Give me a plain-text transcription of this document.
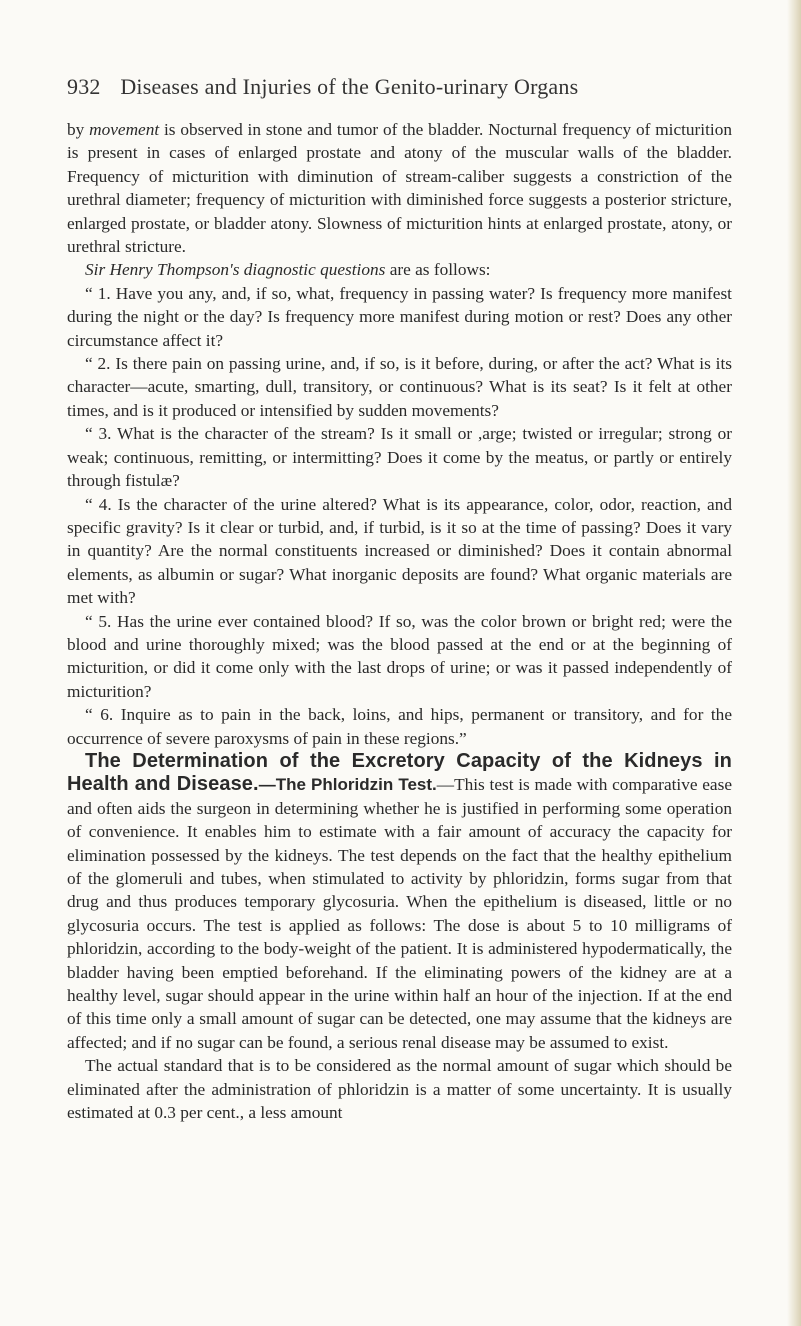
932 Diseases and Injuries of the Genito-urinary Organs

by movement is observed in stone and tumor of the bladder. Nocturnal frequency of micturition is present in cases of enlarged prostate and atony of the muscular walls of the bladder. Frequency of micturition with diminution of stream-caliber suggests a constriction of the urethral diameter; frequency of micturition with diminished force suggests a posterior stricture, enlarged prostate, or bladder atony. Slowness of micturition hints at enlarged prostate, atony, or urethral stricture.

Sir Henry Thompson's diagnostic questions are as follows:

“ 1. Have you any, and, if so, what, frequency in passing water? Is frequency more manifest during the night or the day? Is frequency more manifest during motion or rest? Does any other circumstance affect it?

“ 2. Is there pain on passing urine, and, if so, is it before, during, or after the act? What is its character—acute, smarting, dull, transitory, or continuous? What is its seat? Is it felt at other times, and is it produced or intensified by sudden movements?

“ 3. What is the character of the stream? Is it small or ,arge; twisted or irregular; strong or weak; continuous, remitting, or intermitting? Does it come by the meatus, or partly or entirely through fistulæ?

“ 4. Is the character of the urine altered? What is its appearance, color, odor, reaction, and specific gravity? Is it clear or turbid, and, if turbid, is it so at the time of passing? Does it vary in quantity? Are the normal constituents increased or diminished? Does it contain abnormal elements, as albumin or sugar? What inorganic deposits are found? What organic materials are met with?

“ 5. Has the urine ever contained blood? If so, was the color brown or bright red; were the blood and urine thoroughly mixed; was the blood passed at the end or at the beginning of micturition, or did it come only with the last drops of urine; or was it passed independently of micturition?

“ 6. Inquire as to pain in the back, loins, and hips, permanent or transitory, and for the occurrence of severe paroxysms of pain in these regions.”

The Determination of the Excretory Capacity of the Kidneys in Health and Disease.—The Phloridzin Test.—This test is made with comparative ease and often aids the surgeon in determining whether he is justified in performing some operation of convenience. It enables him to estimate with a fair amount of accuracy the capacity for elimination possessed by the kidneys. The test depends on the fact that the healthy epithelium of the glomeruli and tubes, when stimulated to activity by phloridzin, forms sugar from that drug and thus produces temporary glycosuria. When the epithelium is diseased, little or no glycosuria occurs. The test is applied as follows: The dose is about 5 to 10 milligrams of phloridzin, according to the body-weight of the patient. It is administered hypodermatically, the bladder having been emptied beforehand. If the eliminating powers of the kidney are at a healthy level, sugar should appear in the urine within half an hour of the injection. If at the end of this time only a small amount of sugar can be detected, one may assume that the kidneys are affected; and if no sugar can be found, a serious renal disease may be assumed to exist.

The actual standard that is to be considered as the normal amount of sugar which should be eliminated after the administration of phloridzin is a matter of some uncertainty. It is usually estimated at 0.3 per cent., a less amount
